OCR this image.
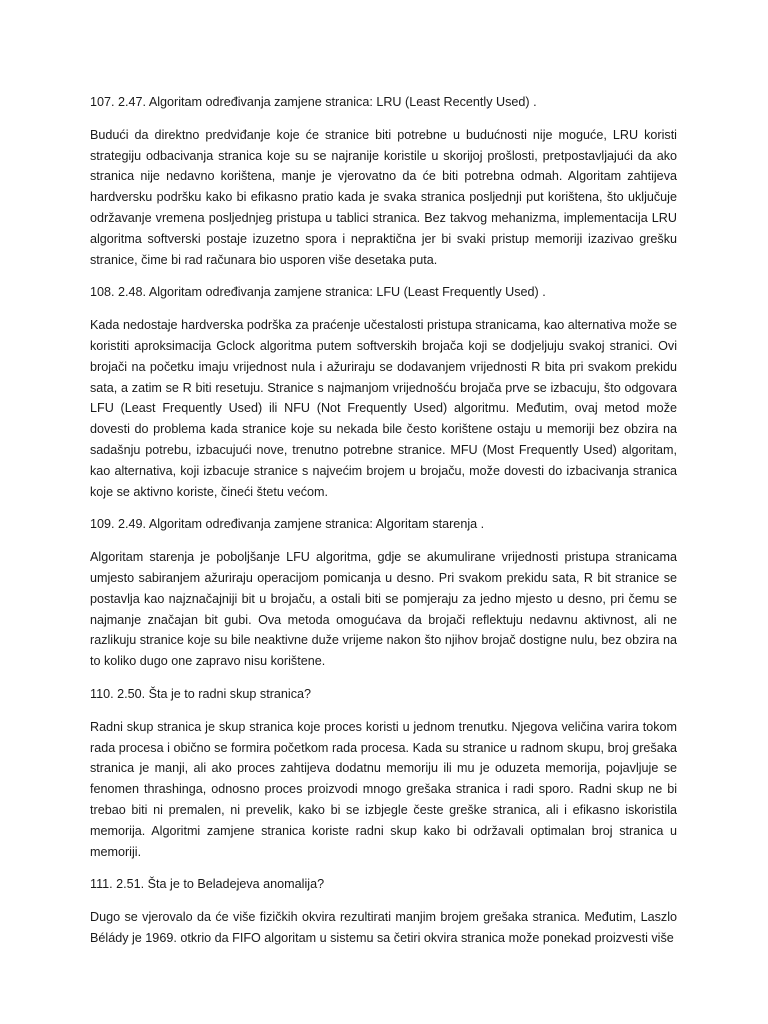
107. 2.47. Algoritam određivanja zamjene stranica: LRU (Least Recently Used) .

Budući da direktno predviđanje koje će stranice biti potrebne u budućnosti nije moguće, LRU koristi strategiju odbacivanja stranica koje su se najranije koristile u skorijoj prošlosti, pretpostavljajući da ako stranica nije nedavno korištena, manje je vjerovatno da će biti potrebna odmah. Algoritam zahtijeva hardversku podršku kako bi efikasno pratio kada je svaka stranica posljednji put korištena, što uključuje održavanje vremena posljednjeg pristupa u tablici stranica. Bez takvog mehanizma, implementacija LRU algoritma softverski postaje izuzetno spora i nepraktična jer bi svaki pristup memoriji izazivao grešku stranice, čime bi rad računara bio usporen više desetaka puta.

108. 2.48. Algoritam određivanja zamjene stranica: LFU (Least Frequently Used) .

Kada nedostaje hardverska podrška za praćenje učestalosti pristupa stranicama, kao alternativa može se koristiti aproksimacija Gclock algoritma putem softverskih brojača koji se dodjeljuju svakoj stranici. Ovi brojači na početku imaju vrijednost nula i ažuriraju se dodavanjem vrijednosti R bita pri svakom prekidu sata, a zatim se R biti resetuju. Stranice s najmanjom vrijednošću brojača prve se izbacuju, što odgovara LFU (Least Frequently Used) ili NFU (Not Frequently Used) algoritmu. Međutim, ovaj metod može dovesti do problema kada stranice koje su nekada bile često korištene ostaju u memoriji bez obzira na sadašnju potrebu, izbacujući nove, trenutno potrebne stranice. MFU (Most Frequently Used) algoritam, kao alternativa, koji izbacuje stranice s najvećim brojem u brojaču, može dovesti do izbacivanja stranica koje se aktivno koriste, čineći štetu većom.

109. 2.49. Algoritam određivanja zamjene stranica: Algoritam starenja .

Algoritam starenja je poboljšanje LFU algoritma, gdje se akumulirane vrijednosti pristupa stranicama umjesto sabiranjem ažuriraju operacijom pomicanja u desno. Pri svakom prekidu sata, R bit stranice se postavlja kao najznačajniji bit u brojaču, a ostali biti se pomjeraju za jedno mjesto u desno, pri čemu se najmanje značajan bit gubi. Ova metoda omogućava da brojači reflektuju nedavnu aktivnost, ali ne razlikuju stranice koje su bile neaktivne duže vrijeme nakon što njihov brojač dostigne nulu, bez obzira na to koliko dugo one zapravo nisu korištene.

110. 2.50. Šta je to radni skup stranica?

Radni skup stranica je skup stranica koje proces koristi u jednom trenutku. Njegova veličina varira tokom rada procesa i obično se formira početkom rada procesa. Kada su stranice u radnom skupu, broj grešaka stranica je manji, ali ako proces zahtijeva dodatnu memoriju ili mu je oduzeta memorija, pojavljuje se fenomen thrashinga, odnosno proces proizvodi mnogo grešaka stranica i radi sporo. Radni skup ne bi trebao biti ni premalen, ni prevelik, kako bi se izbjegle česte greške stranica, ali i efikasno iskoristila memorija. Algoritmi zamjene stranica koriste radni skup kako bi održavali optimalan broj stranica u memoriji.

111. 2.51. Šta je to Beladejeva anomalija?

Dugo se vjerovalo da će više fizičkih okvira rezultirati manjim brojem grešaka stranica. Međutim, Laszlo Bélády je 1969. otkrio da FIFO algoritam u sistemu sa četiri okvira stranica može ponekad proizvesti više
